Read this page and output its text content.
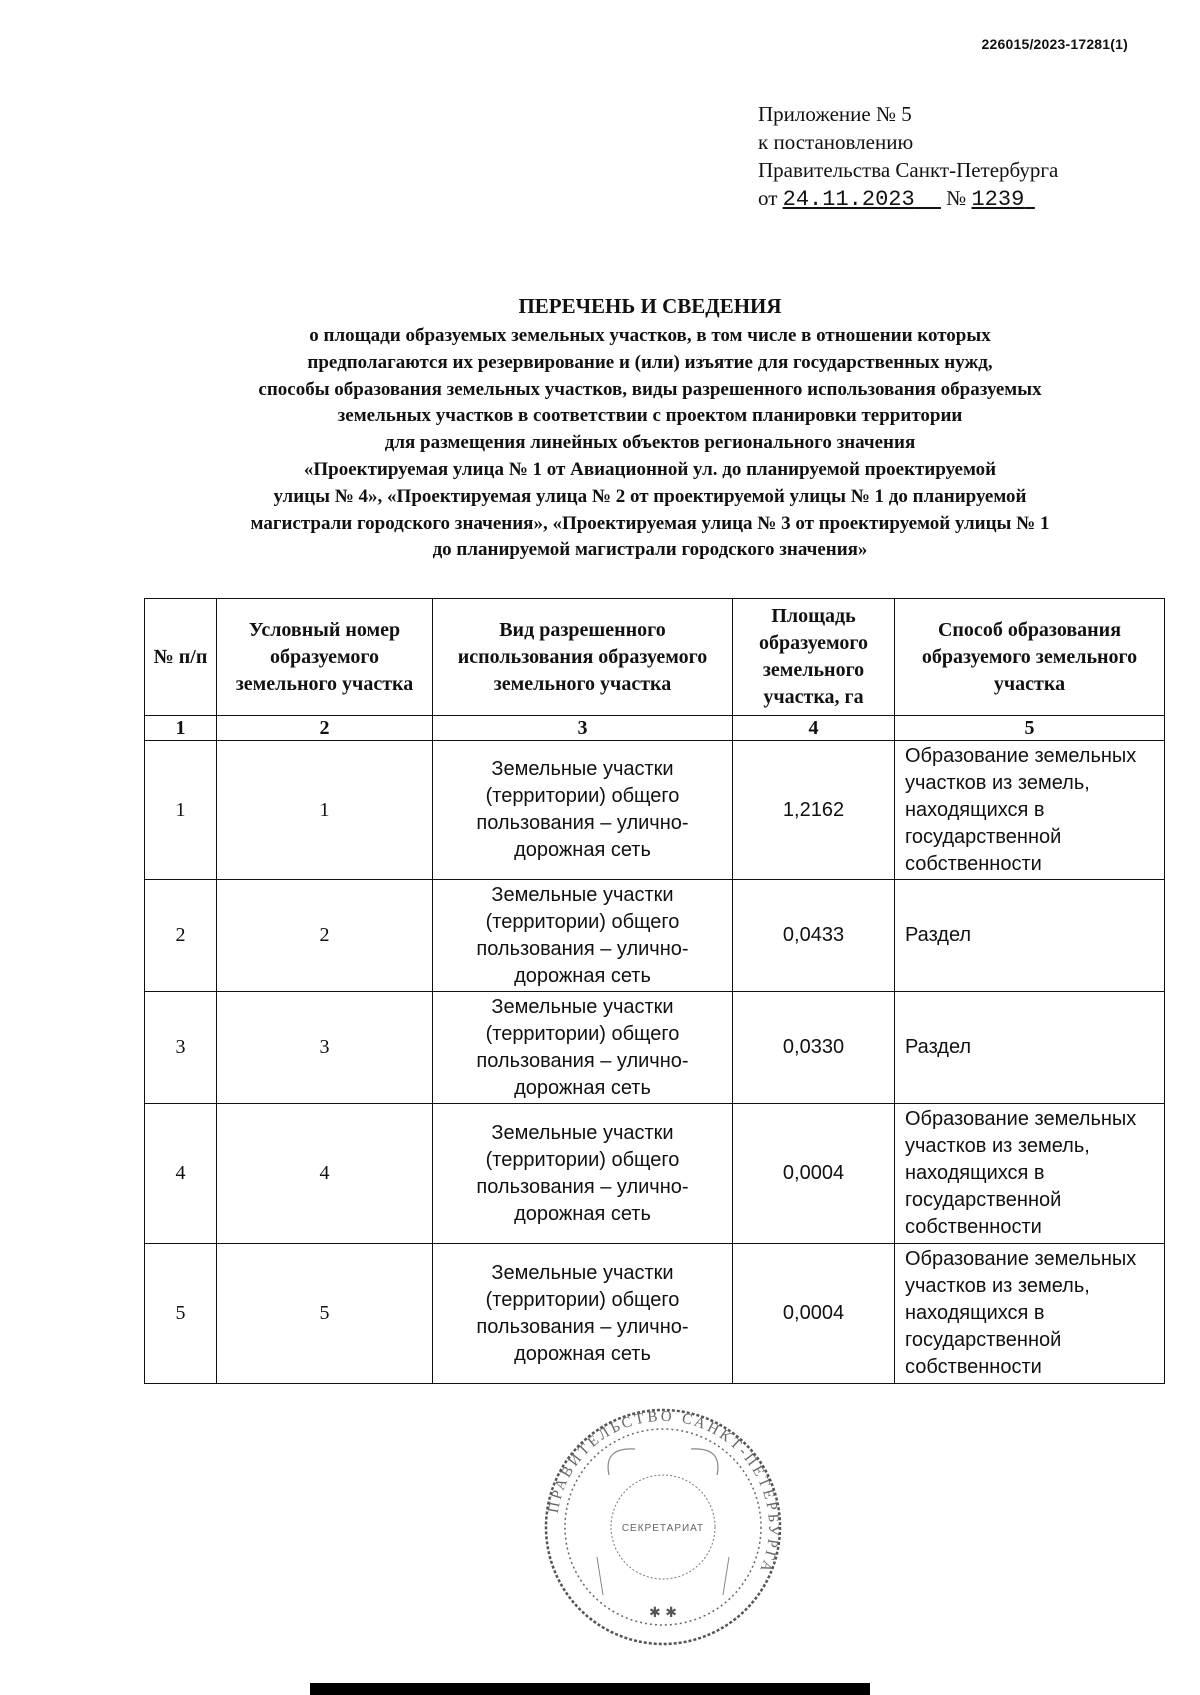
226015/2023-17281(1)
Приложение № 5
к постановлению
Правительства Санкт-Петербурга
от 24.11.2023 № 1239
ПЕРЕЧЕНЬ И СВЕДЕНИЯ
о площади образуемых земельных участков, в том числе в отношении которых
предполагаются их резервирование и (или) изъятие для государственных нужд,
способы образования земельных участков, виды разрешенного использования образуемых
земельных участков в соответствии с проектом планировки территории
для размещения линейных объектов регионального значения
«Проектируемая улица № 1 от Авиационной ул. до планируемой проектируемой
улицы № 4», «Проектируемая улица № 2 от проектируемой улицы № 1 до планируемой
магистрали городского значения», «Проектируемая улица № 3 от проектируемой улицы № 1
до планируемой магистрали городского значения»
№ п/п	Условный номер образуемого земельного участка	Вид разрешенного использования образуемого земельного участка	Площадь образуемого земельного участка, га	Способ образования образуемого земельного участка
1	2	3	4	5
1	1	Земельные участки (территории) общего пользования – улично-дорожная сеть	1,2162	Образование земельных участков из земель, находящихся в государственной собственности
2	2	Земельные участки (территории) общего пользования – улично-дорожная сеть	0,0433	Раздел
3	3	Земельные участки (территории) общего пользования – улично-дорожная сеть	0,0330	Раздел
4	4	Земельные участки (территории) общего пользования – улично-дорожная сеть	0,0004	Образование земельных участков из земель, находящихся в государственной собственности
5	5	Земельные участки (территории) общего пользования – улично-дорожная сеть	0,0004	Образование земельных участков из земель, находящихся в государственной собственности
ПРАВИТЕЛЬСТВО САНКТ-ПЕТЕРБУРГА
СЕКРЕТАРИАТ
✱ ✱
